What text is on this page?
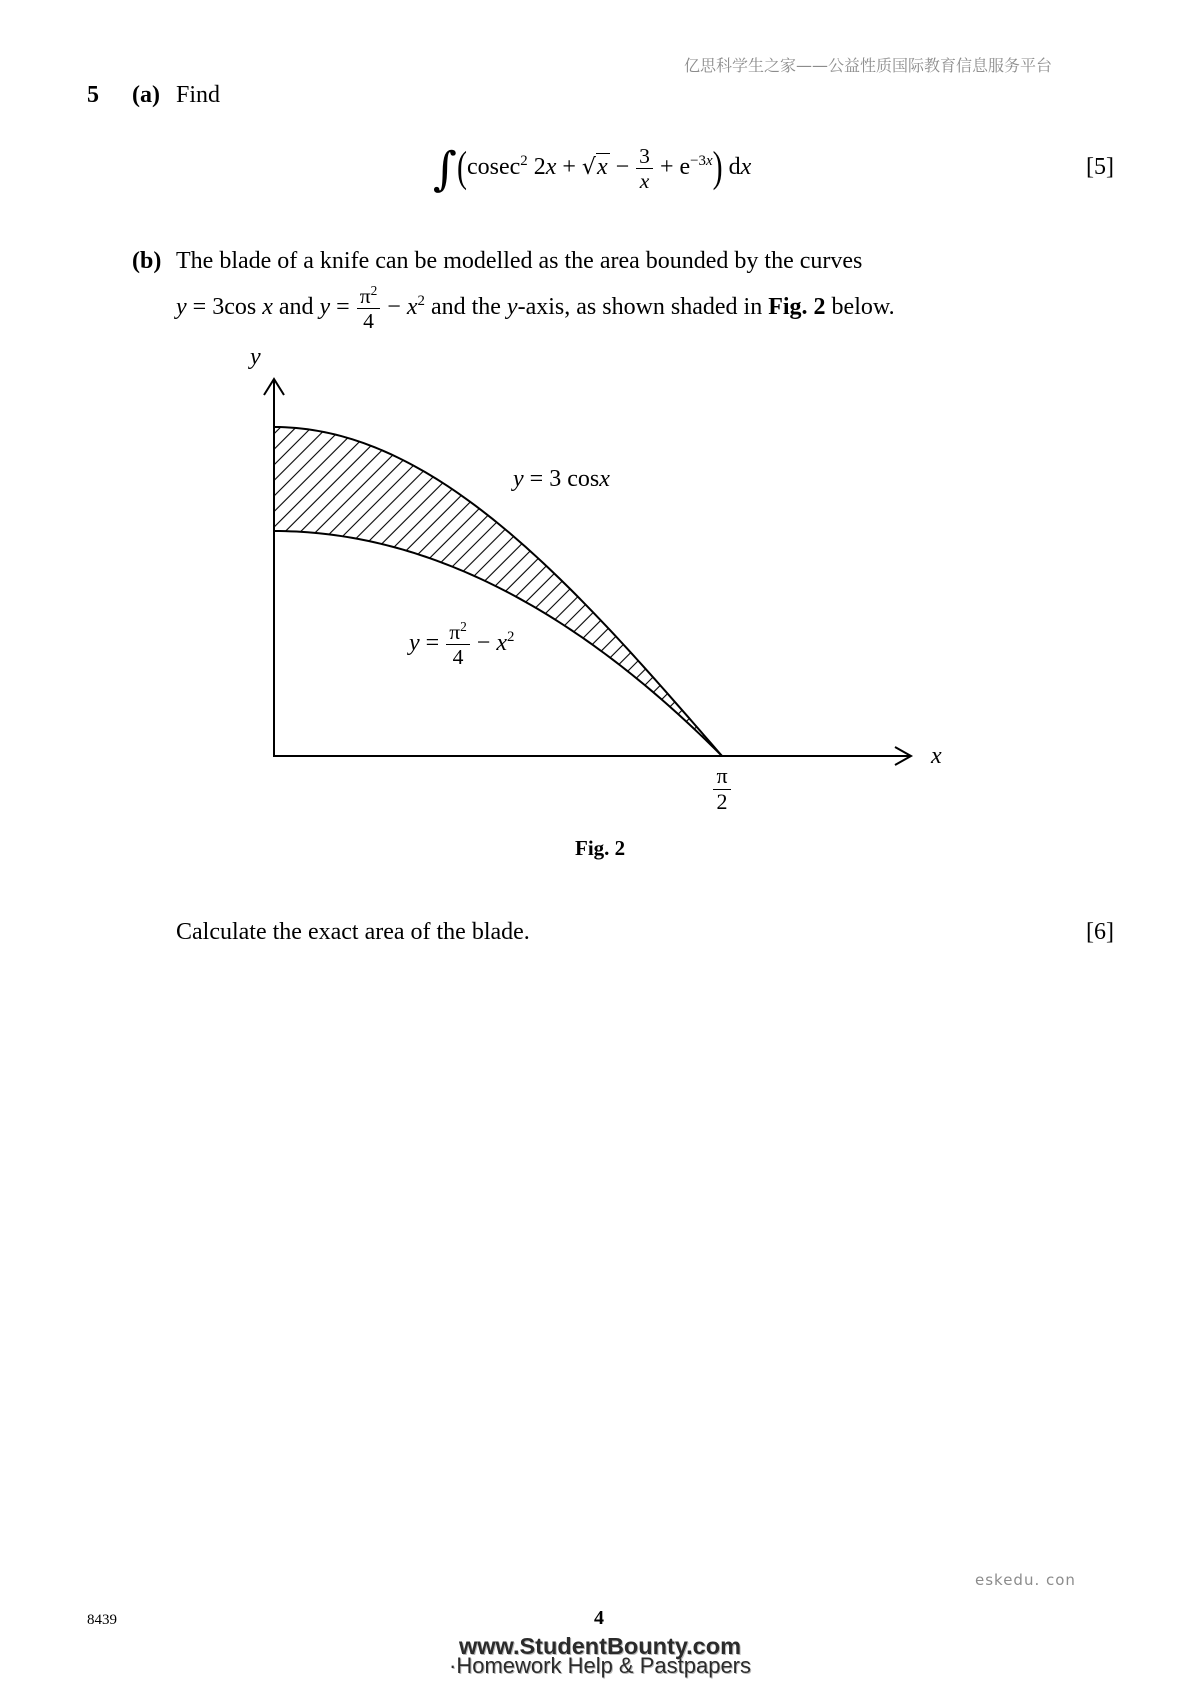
亿思科学生之家——公益性质国际教育信息服务平台
5 (a) Find
∫(cosec$^2$ $2x + √x - \frac{3}{x} + e^{-3x}$) dx	[5]
(b) The blade of a knife can be modelled as the area bounded by the curves
y = 3cos x and $y = \frac{\pi^2}{4} - x^2$ and the y-axis, as shown shaded in Fig. 2 below.
y
x
y = 3 cosx
$y = \frac{\pi^2}{4} - x^2$
$\frac{\pi}{2}$
Fig. 2
Calculate the exact area of the blade.	[6]
eskedu. con
8439	4
www.StudentBounty.com
·Homework Help & Pastpapers
